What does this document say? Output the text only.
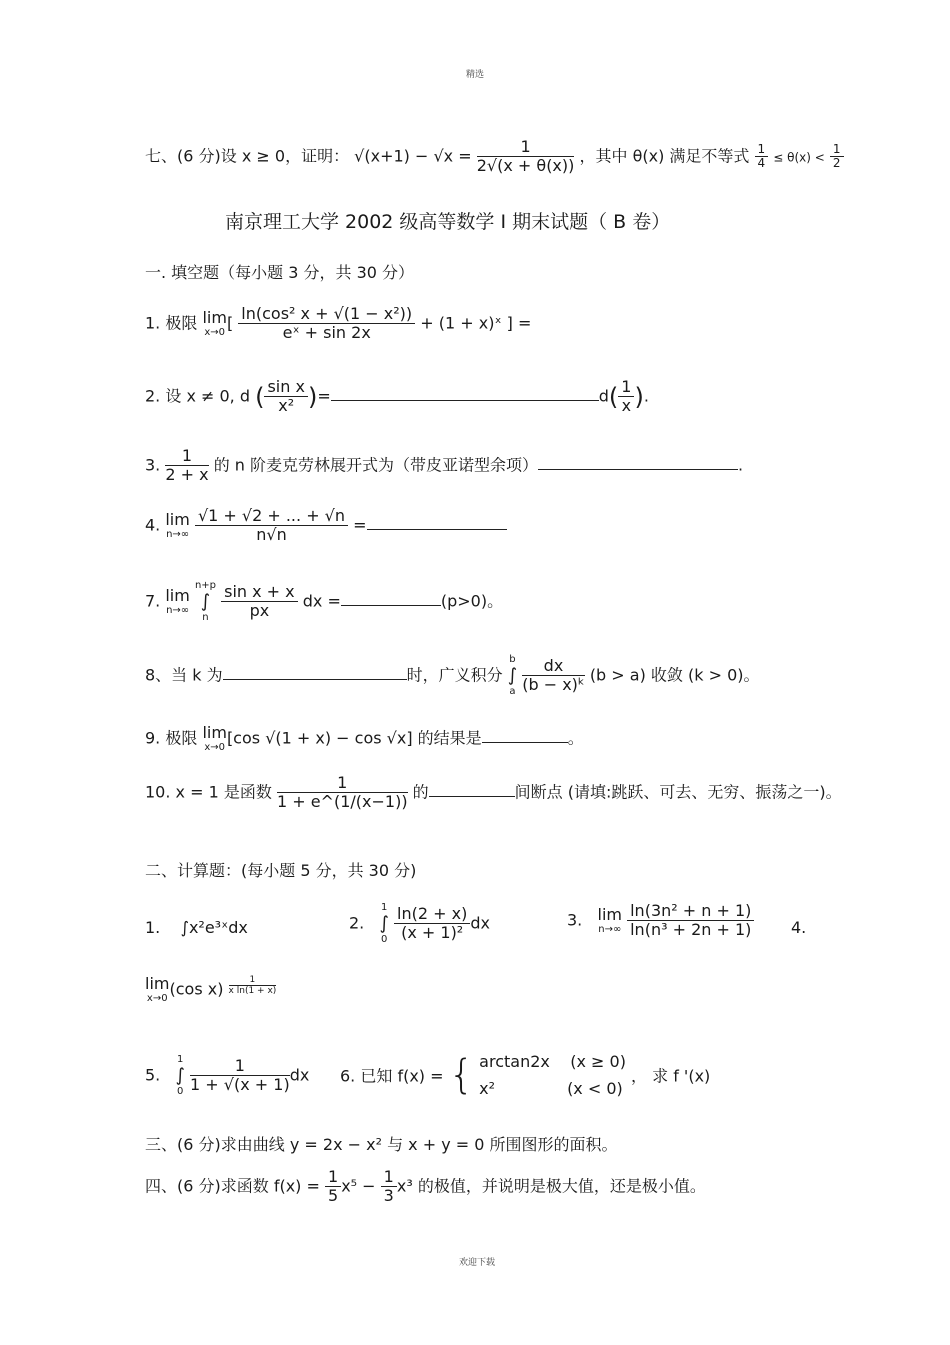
精选
七、(6 分)设 x ≥ 0，证明： $√(x+1) - √x = \frac{1}{2√(x + \theta(x))}$ ，其中 θ(x) 满足不等式 $\frac{1}{4} \le \theta(x) < \frac{1}{2}$
南京理工大学 2002 级高等数学 I 期末试题（ B 卷）
一. 填空题（每小题 3 分，共 30 分）
1. 极限 lim
x→0
[ $\frac{\text{ln(cos² x + √(1 − x²))}}{\text{eˣ + sin 2x}} + (1$ + x)ˣ ] =
2. 设 x ≠ 0, d ( $\frac{\text{sin x}}{\text{x²}}$ )=	$d( \frac{1}{x}$ ).
3. $\frac{1}{2 + x}$ 的 n 阶麦克劳林展开式为（带皮亚诺型余项）	.
4. lim
n→∞
$\frac{√1 + √2 + ... + √n}{n√n}$ =
7. lim
n→∞

n+p
∫
n
$\frac{\text{sin x + x}}{px}$ dx =	(p>0)。
8、当 k 为	时，广义积分
b
∫
a
$\frac{dx}{\text{(b − x)ᵏ}} (b > a)$ 收敛 (k > 0)。
9. 极限 lim
x→0
[cos √(1 + x) − cos √x] 的结果是	。
10. x = 1 是函数 $\frac{1}{1 + e\^{}(1/(x-1))}$ 的	间断点 (请填:跳跃、可去、无穷、振荡之一)。
二、计算题：(每小题 5 分，共 30 分)
1. ∫x²e³ˣdx	2.
1
∫
0
$\frac{\ln(2 + x)}{\text{(x + 1)²}}$ dx	3. lim
n→∞
$\frac{\text{ln(3n² + n + 1)}}{\text{ln(n³ + 2n + 1)}} 4$.
lim
x→0
(cos $x) \frac{1}{\text{x ln(1 + x)}}$
5.
1
∫
0
$\frac{1}{1 + √(x + 1)}$ dx 6. 已知 f(x) = { arctan2x (x ≥ 0)
x²	(x < 0)
， 求 f '(x)
三、(6 分)求由曲线 y = 2x − x² 与 x + y = 0 所围图形的面积。
四、(6 分)求函数 $f(x) = \frac{1}{5} x^5 - \frac{1}{3} x^3$ 的极值，并说明是极大值，还是极小值。
欢迎下载
